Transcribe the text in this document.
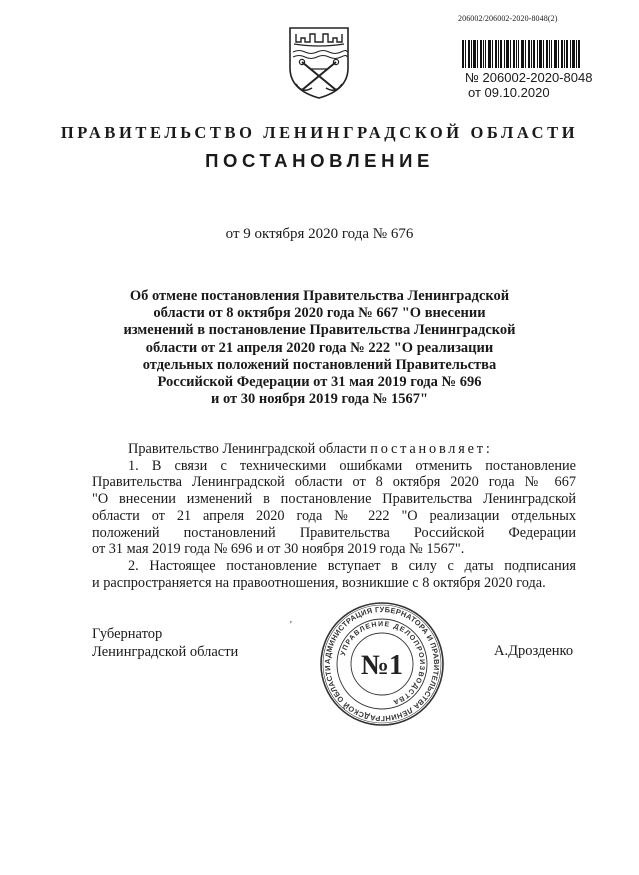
206002/206002-2020-8048(2)
№ 206002-2020-8048
от 09.10.2020
ПРАВИТЕЛЬСТВО ЛЕНИНГРАДСКОЙ ОБЛАСТИ
ПОСТАНОВЛЕНИЕ
от 9 октября 2020 года № 676
Об отмене постановления Правительства Ленинградской
области от 8 октября 2020 года № 667 "О внесении
изменений в постановление Правительства Ленинградской
области от 21 апреля 2020 года № 222 "О реализации
отдельных положений постановлений Правительства
Российской Федерации от 31 мая 2019 года № 696
и от 30 ноября 2019 года № 1567"
Правительство Ленинградской области постановляет:
1. В связи с техническими ошибками отменить постановление
Правительства Ленинградской области от 8 октября 2020 года № 667
"О внесении изменений в постановление Правительства Ленинградской
области от 21 апреля 2020 года № 222 "О реализации отдельных
положений постановлений Правительства Российской Федерации
от 31 мая 2019 года № 696 и от 30 ноября 2019 года № 1567".
2. Настоящее постановление вступает в силу с даты подписания
и распространяется на правоотношения, возникшие с 8 октября 2020 года.
'
Губернатор
Ленинградской области
АДМИНИСТРАЦИЯ ГУБЕРНАТОРА И ПРАВИТЕЛЬСТВА ЛЕНИНГРАДСКОЙ ОБЛАСТИ
УПРАВЛЕНИЕ ДЕЛОПРОИЗВОДСТВА
№1	А.Дрозденко
